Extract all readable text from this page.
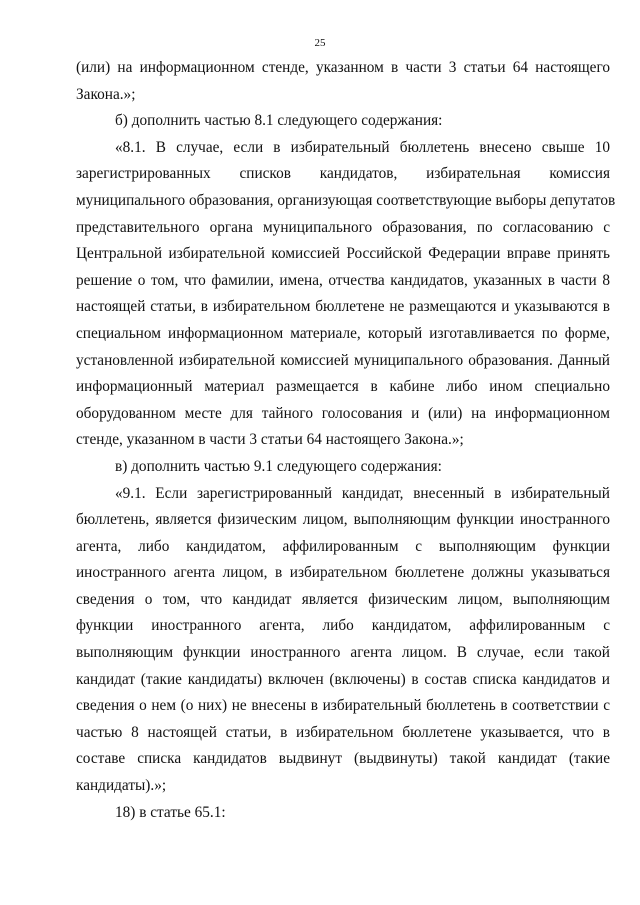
25
(или) на информационном стенде, указанном в части 3 статьи 64 настоящего
Закона.»;
б) дополнить частью 8.1 следующего содержания:
«8.1. В случае, если в избирательный бюллетень внесено свыше 10
зарегистрированных списков кандидатов, избирательная комиссия
муниципального образования, организующая соответствующие выборы депутатов
представительного органа муниципального образования, по согласованию с
Центральной избирательной комиссией Российской Федерации вправе принять
решение о том, что фамилии, имена, отчества кандидатов, указанных в части 8
настоящей статьи, в избирательном бюллетене не размещаются и указываются в
специальном информационном материале, который изготавливается по форме,
установленной избирательной комиссией муниципального образования. Данный
информационный материал размещается в кабине либо ином специально
оборудованном месте для тайного голосования и (или) на информационном
стенде, указанном в части 3 статьи 64 настоящего Закона.»;
в) дополнить частью 9.1 следующего содержания:
«9.1. Если зарегистрированный кандидат, внесенный в избирательный
бюллетень, является физическим лицом, выполняющим функции иностранного
агента, либо кандидатом, аффилированным с выполняющим функции
иностранного агента лицом, в избирательном бюллетене должны указываться
сведения о том, что кандидат является физическим лицом, выполняющим
функции иностранного агента, либо кандидатом, аффилированным с
выполняющим функции иностранного агента лицом. В случае, если такой
кандидат (такие кандидаты) включен (включены) в состав списка кандидатов и
сведения о нем (о них) не внесены в избирательный бюллетень в соответствии с
частью 8 настоящей статьи, в избирательном бюллетене указывается, что в
составе списка кандидатов выдвинут (выдвинуты) такой кандидат (такие
кандидаты).»;
18) в статье 65.1:
